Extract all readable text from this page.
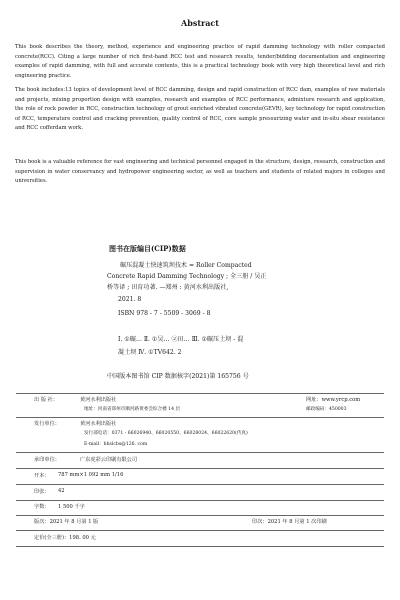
Abstract
This book describes the theory, method, experience and engineering practice of rapid damming technology with roller compacted concrete(RCC). Citing a large number of rich first-hand RCC test and research results, tender/bidding documentation and engineering examples of rapid damming, with full and accurate contents, this is a practical technology book with very high theoretical level and rich engineering practice.
The book includes:13 topics of development level of RCC damming, design and rapid construction of RCC dam, examples of raw materials and projects, mixing proportion design with examples, research and examples of RCC performance, admixture research and application, the role of rock powder in RCC, construction technology of grout enriched vibrated concrete(GEVR), key technology for rapid construction of RCC, temperature control and cracking prevention, quality control of RCC, core sample pressurizing water and in-situ shear resistance and RCC cofferdam work.
This book is a valuable reference for vast engineering and technical personnel engaged in the structure, design, research, construction and supervision in water conservancy and hydropower engineering sector, as well as teachers and students of related majors in colleges and universities.
图书在版编目(CIP)数据
碾压混凝土快速筑坝技术 = Roller Compacted
Concrete Rapid Damming Technology ; 全三册 / 吴正
桥等译 ; 田育功著. —郑州 : 黄河水利出版社,
2021. 8
ISBN 978 - 7 - 5509 - 3069 - 8
Ⅰ. ①碾… Ⅱ. ①吴… ②田… Ⅲ. ①碾压土坝 - 混
凝土坝 Ⅳ. ①TV642. 2
中国版本图书馆 CIP 数据核字(2021)第 165756 号
出 版 社：	黄河水利出版社	网址：www.yrcp.com
地址：河南省郑州市顺河路黄委会综合楼 14 层	邮政编码：450003
发行单位：	黄河水利出版社
发行部电话：0371 - 66026940、66020550、66028024、66022620(传真)
E-mail：hhslcbs@126. com
承印单位：	广东虎彩云印刷有限公司
开本： 787 mm×1 092 mm 1/16
印张： 42
字数： 1 500 千字
版次：2021 年 8 月第 1 版	印次：2021 年 8 月第 1 次印刷
定价(全三册)：198. 00 元
